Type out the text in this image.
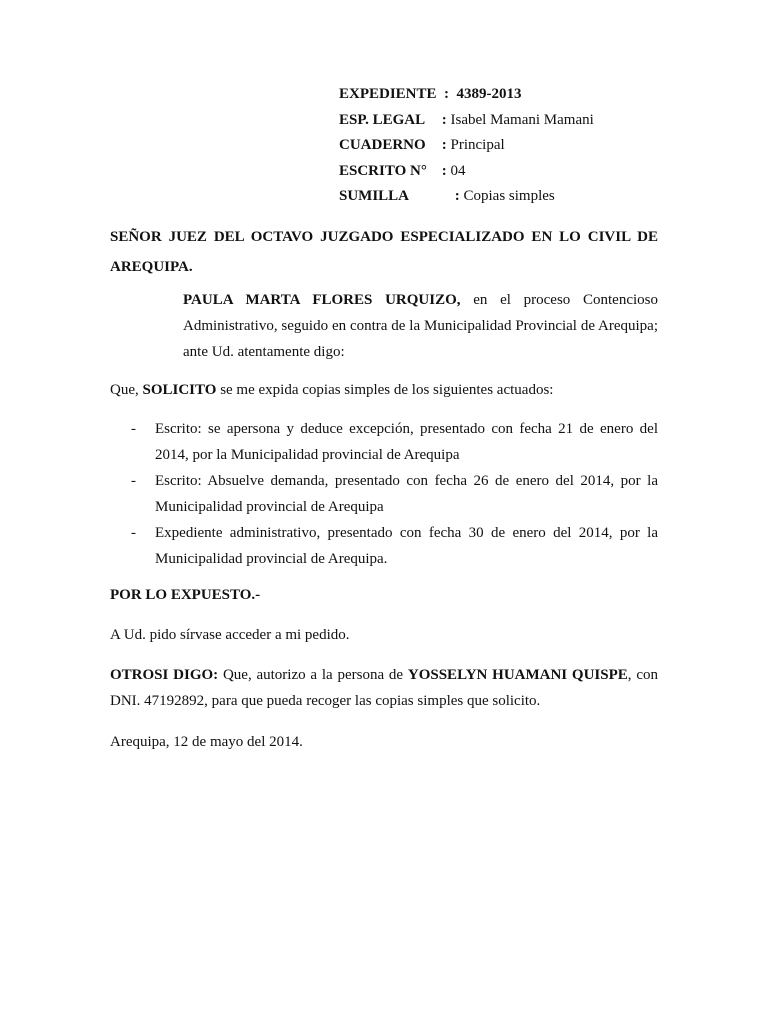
EXPEDIENTE : 4389-2013
ESP. LEGAL : Isabel Mamani Mamani
CUADERNO : Principal
ESCRITO N° : 04
SUMILLA	: Copias simples
SEÑOR JUEZ DEL OCTAVO JUZGADO ESPECIALIZADO EN LO CIVIL DE AREQUIPA.
PAULA MARTA FLORES URQUIZO, en el proceso Contencioso Administrativo, seguido en contra de la Municipalidad Provincial de Arequipa; ante Ud. atentamente digo:
Que, SOLICITO se me expida copias simples de los siguientes actuados:
- Escrito: se apersona y deduce excepción, presentado con fecha 21 de enero del 2014, por la Municipalidad provincial de Arequipa
- Escrito: Absuelve demanda, presentado con fecha 26 de enero del 2014, por la Municipalidad provincial de Arequipa
- Expediente administrativo, presentado con fecha 30 de enero del 2014, por la Municipalidad provincial de Arequipa.
POR LO EXPUESTO.-
A Ud. pido sírvase acceder a mi pedido.
OTROSI DIGO: Que, autorizo a la persona de YOSSELYN HUAMANI QUISPE, con DNI. 47192892, para que pueda recoger las copias simples que solicito.
Arequipa, 12 de mayo del 2014.
